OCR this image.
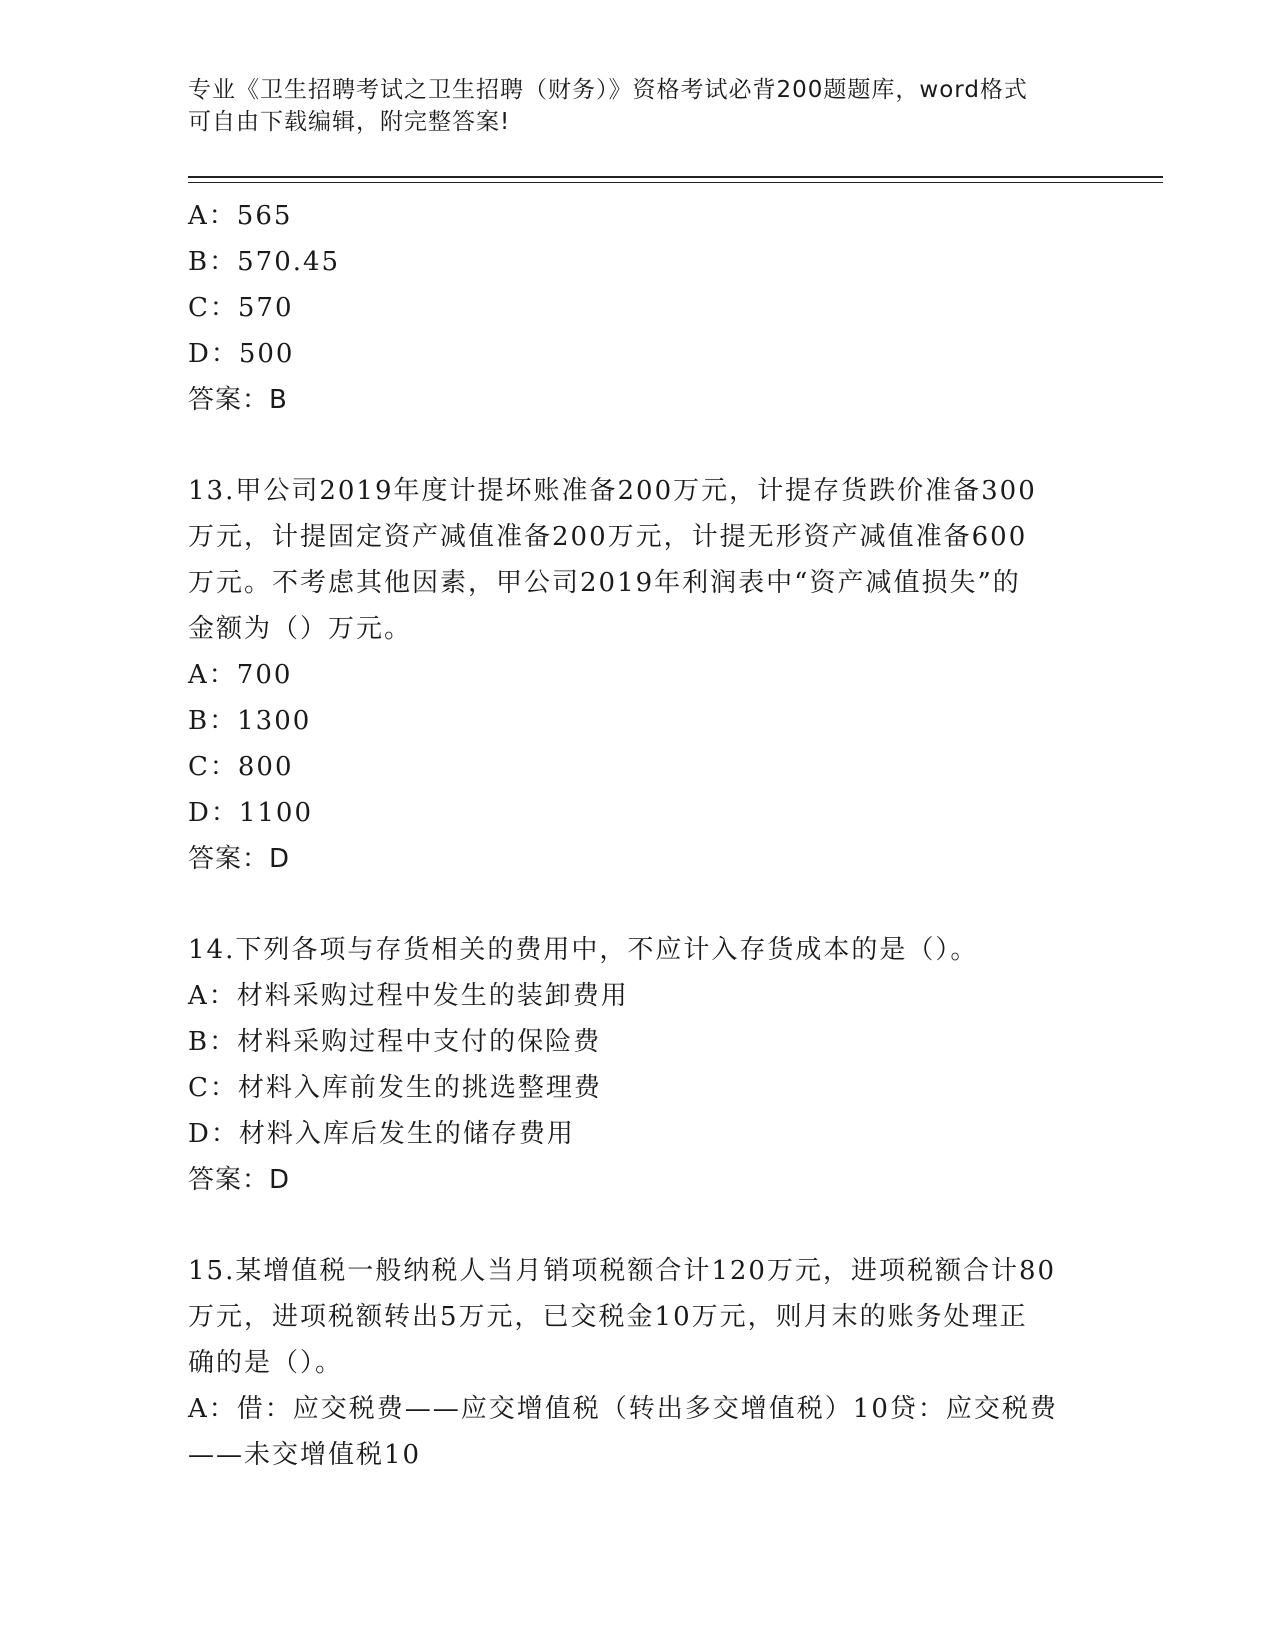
专业《卫生招聘考试之卫生招聘（财务）》资格考试必背200题题库，word格式
可自由下载编辑，附完整答案!
A：565
B：570.45
C：570
D：500
答案：B
13.甲公司2019年度计提坏账准备200万元，计提存货跌价准备300
万元，计提固定资产减值准备200万元，计提无形资产减值准备600
万元。不考虑其他因素，甲公司2019年利润表中“资产减值损失”的
金额为（）万元。
A：700
B：1300
C：800
D：1100
答案：D
14.下列各项与存货相关的费用中，不应计入存货成本的是（）。
A：材料采购过程中发生的装卸费用
B：材料采购过程中支付的保险费
C：材料入库前发生的挑选整理费
D：材料入库后发生的储存费用
答案：D
15.某增值税一般纳税人当月销项税额合计120万元，进项税额合计80
万元，进项税额转出5万元，已交税金10万元，则月末的账务处理正
确的是（）。
A：借：应交税费——应交增值税（转出多交增值税）10贷：应交税费
——未交增值税10
